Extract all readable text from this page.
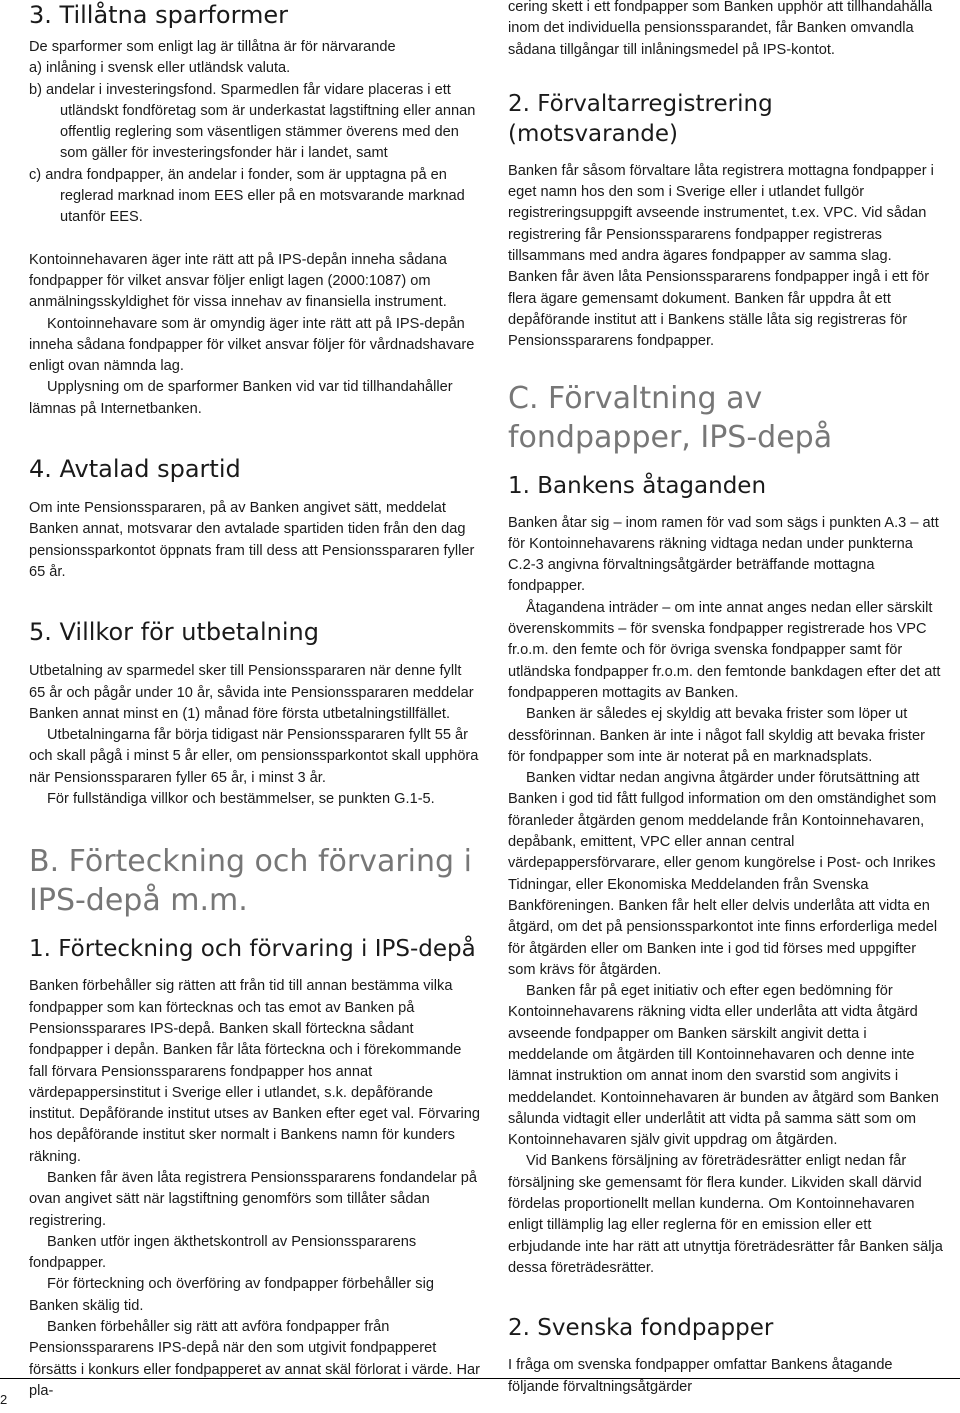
3. Tillåtna sparformer

De sparformer som enligt lag är tillåtna är för närvarande

a) inlåning i svensk eller utländsk valuta.

b) andelar i investeringsfond. Sparmedlen får vidare placeras i ett utländskt fondföretag som är underkastat lagstiftning eller annan offentlig reglering som väsentligen stämmer överens med den som gäller för investeringsfonder här i landet, samt

c) andra fondpapper, än andelar i fonder, som är upptagna på en reglerad marknad inom EES eller på en motsvarande marknad utanför EES.

Kontoinnehavaren äger inte rätt att på IPS-depån inneha sådana fondpapper för vilket ansvar följer enligt lagen (2000:1087) om anmälningsskyldighet för vissa innehav av finansiella instrument.

Kontoinnehavare som är omyndig äger inte rätt att på IPS-depån inneha sådana fondpapper för vilket ansvar följer för vårdnadshavare enligt ovan nämnda lag.

Upplysning om de sparformer Banken vid var tid tillhandahåller lämnas på Internetbanken.

4. Avtalad spartid

Om inte Pensionsspararen, på av Banken angivet sätt, meddelat Banken annat, motsvarar den avtalade spartiden tiden från den dag pensionssparkontot öppnats fram till dess att Pensionsspararen fyller 65 år.

5. Villkor för utbetalning

Utbetalning av sparmedel sker till Pensionsspararen när denne fyllt 65 år och pågår under 10 år, såvida inte Pensionsspararen meddelar Banken annat minst en (1) månad före första utbetalningstillfället.

Utbetalningarna får börja tidigast när Pensionsspararen fyllt 55 år och skall pågå i minst 5 år eller, om pensionssparkontot skall upphöra när Pensionsspararen fyller 65 år, i minst 3 år.

För fullständiga villkor och bestämmelser, se punkten G.1-5.

B. Förteckning och förvaring i IPS-depå m.m.
1. Förteckning och förvaring i IPS-depå

Banken förbehåller sig rätten att från tid till annan bestämma vilka fondpapper som kan förtecknas och tas emot av Banken på Pensionssparares IPS-depå. Banken skall förteckna sådant fondpapper i depån. Banken får låta förteckna och i förekommande fall förvara Pensionsspararens fondpapper hos annat värdepappersinstitut i Sverige eller i utlandet, s.k. depåförande institut. Depåförande institut utses av Banken efter eget val. Förvaring hos depåförande institut sker normalt i Bankens namn för kunders räkning.

Banken får även låta registrera Pensionsspararens fondandelar på ovan angivet sätt när lagstiftning genomförs som tillåter sådan registrering.

Banken utför ingen äkthetskontroll av Pensionsspararens fondpapper.

För förteckning och överföring av fondpapper förbehåller sig Banken skälig tid.

Banken förbehåller sig rätt att avföra fondpapper från Pensionsspararens IPS-depå när den som utgivit fondpapperet försätts i konkurs eller fondpapperet av annat skäl förlorat i värde. Har pla-

cering skett i ett fondpapper som Banken upphör att tillhandahålla inom det individuella pensionssparandet, får Banken omvandla sådana tillgångar till inlåningsmedel på IPS-kontot.

2. Förvaltarregistrering (motsvarande)

Banken får såsom förvaltare låta registrera mottagna fondpapper i eget namn hos den som i Sverige eller i utlandet fullgör registreringsuppgift avseende instrumentet, t.ex. VPC. Vid sådan registrering får Pensionsspararens fondpapper registreras tillsammans med andra ägares fondpapper av samma slag. Banken får även låta Pensionsspararens fondpapper ingå i ett för flera ägare gemensamt dokument. Banken får uppdra åt ett depåförande institut att i Bankens ställe låta sig registreras för Pensionsspararens fondpapper.

C. Förvaltning av fondpapper, IPS-depå
1. Bankens åtaganden

Banken åtar sig – inom ramen för vad som sägs i punkten A.3 – att för Kontoinnehavarens räkning vidtaga nedan under punkterna C.2-3 angivna förvaltningsåtgärder beträffande mottagna fondpapper.

Åtagandena inträder – om inte annat anges nedan eller särskilt överenskommits – för svenska fondpapper registrerade hos VPC fr.o.m. den femte och för övriga svenska fondpapper samt för utländska fondpapper fr.o.m. den femtonde bankdagen efter det att fondpapperen mottagits av Banken.

Banken är således ej skyldig att bevaka frister som löper ut dessförinnan. Banken är inte i något fall skyldig att bevaka frister för fondpapper som inte är noterat på en marknadsplats.

Banken vidtar nedan angivna åtgärder under förutsättning att Banken i god tid fått fullgod information om den omständighet som föranleder åtgärden genom meddelande från Kontoinnehavaren, depåbank, emittent, VPC eller annan central värdepappersförvarare, eller genom kungörelse i Post- och Inrikes Tidningar, eller Ekonomiska Meddelanden från Svenska Bankföreningen. Banken får helt eller delvis underlåta att vidta en åtgärd, om det på pensionssparkontot inte finns erforderliga medel för åtgärden eller om Banken inte i god tid förses med uppgifter som krävs för åtgärden.

Banken får på eget initiativ och efter egen bedömning för Kontoinnehavarens räkning vidta eller underlåta att vidta åtgärd avseende fondpapper om Banken särskilt angivit detta i meddelande om åtgärden till Kontoinnehavaren och denne inte lämnat instruktion om annat inom den svarstid som angivits i meddelandet. Kontoinnehavaren är bunden av åtgärd som Banken sålunda vidtagit eller underlåtit att vidta på samma sätt som om Kontoinnehavaren själv givit uppdrag om åtgärden.

Vid Bankens försäljning av företrädesrätter enligt nedan får försäljning ske gemensamt för flera kunder. Likviden skall därvid fördelas proportionellt mellan kunderna. Om Kontoinnehavaren enligt tillämplig lag eller reglerna för en emission eller ett erbjudande inte har rätt att utnyttja företrädesrätter får Banken sälja dessa företrädesrätter.

2. Svenska fondpapper

I fråga om svenska fondpapper omfattar Bankens åtagande följande förvaltningsåtgärder

2
